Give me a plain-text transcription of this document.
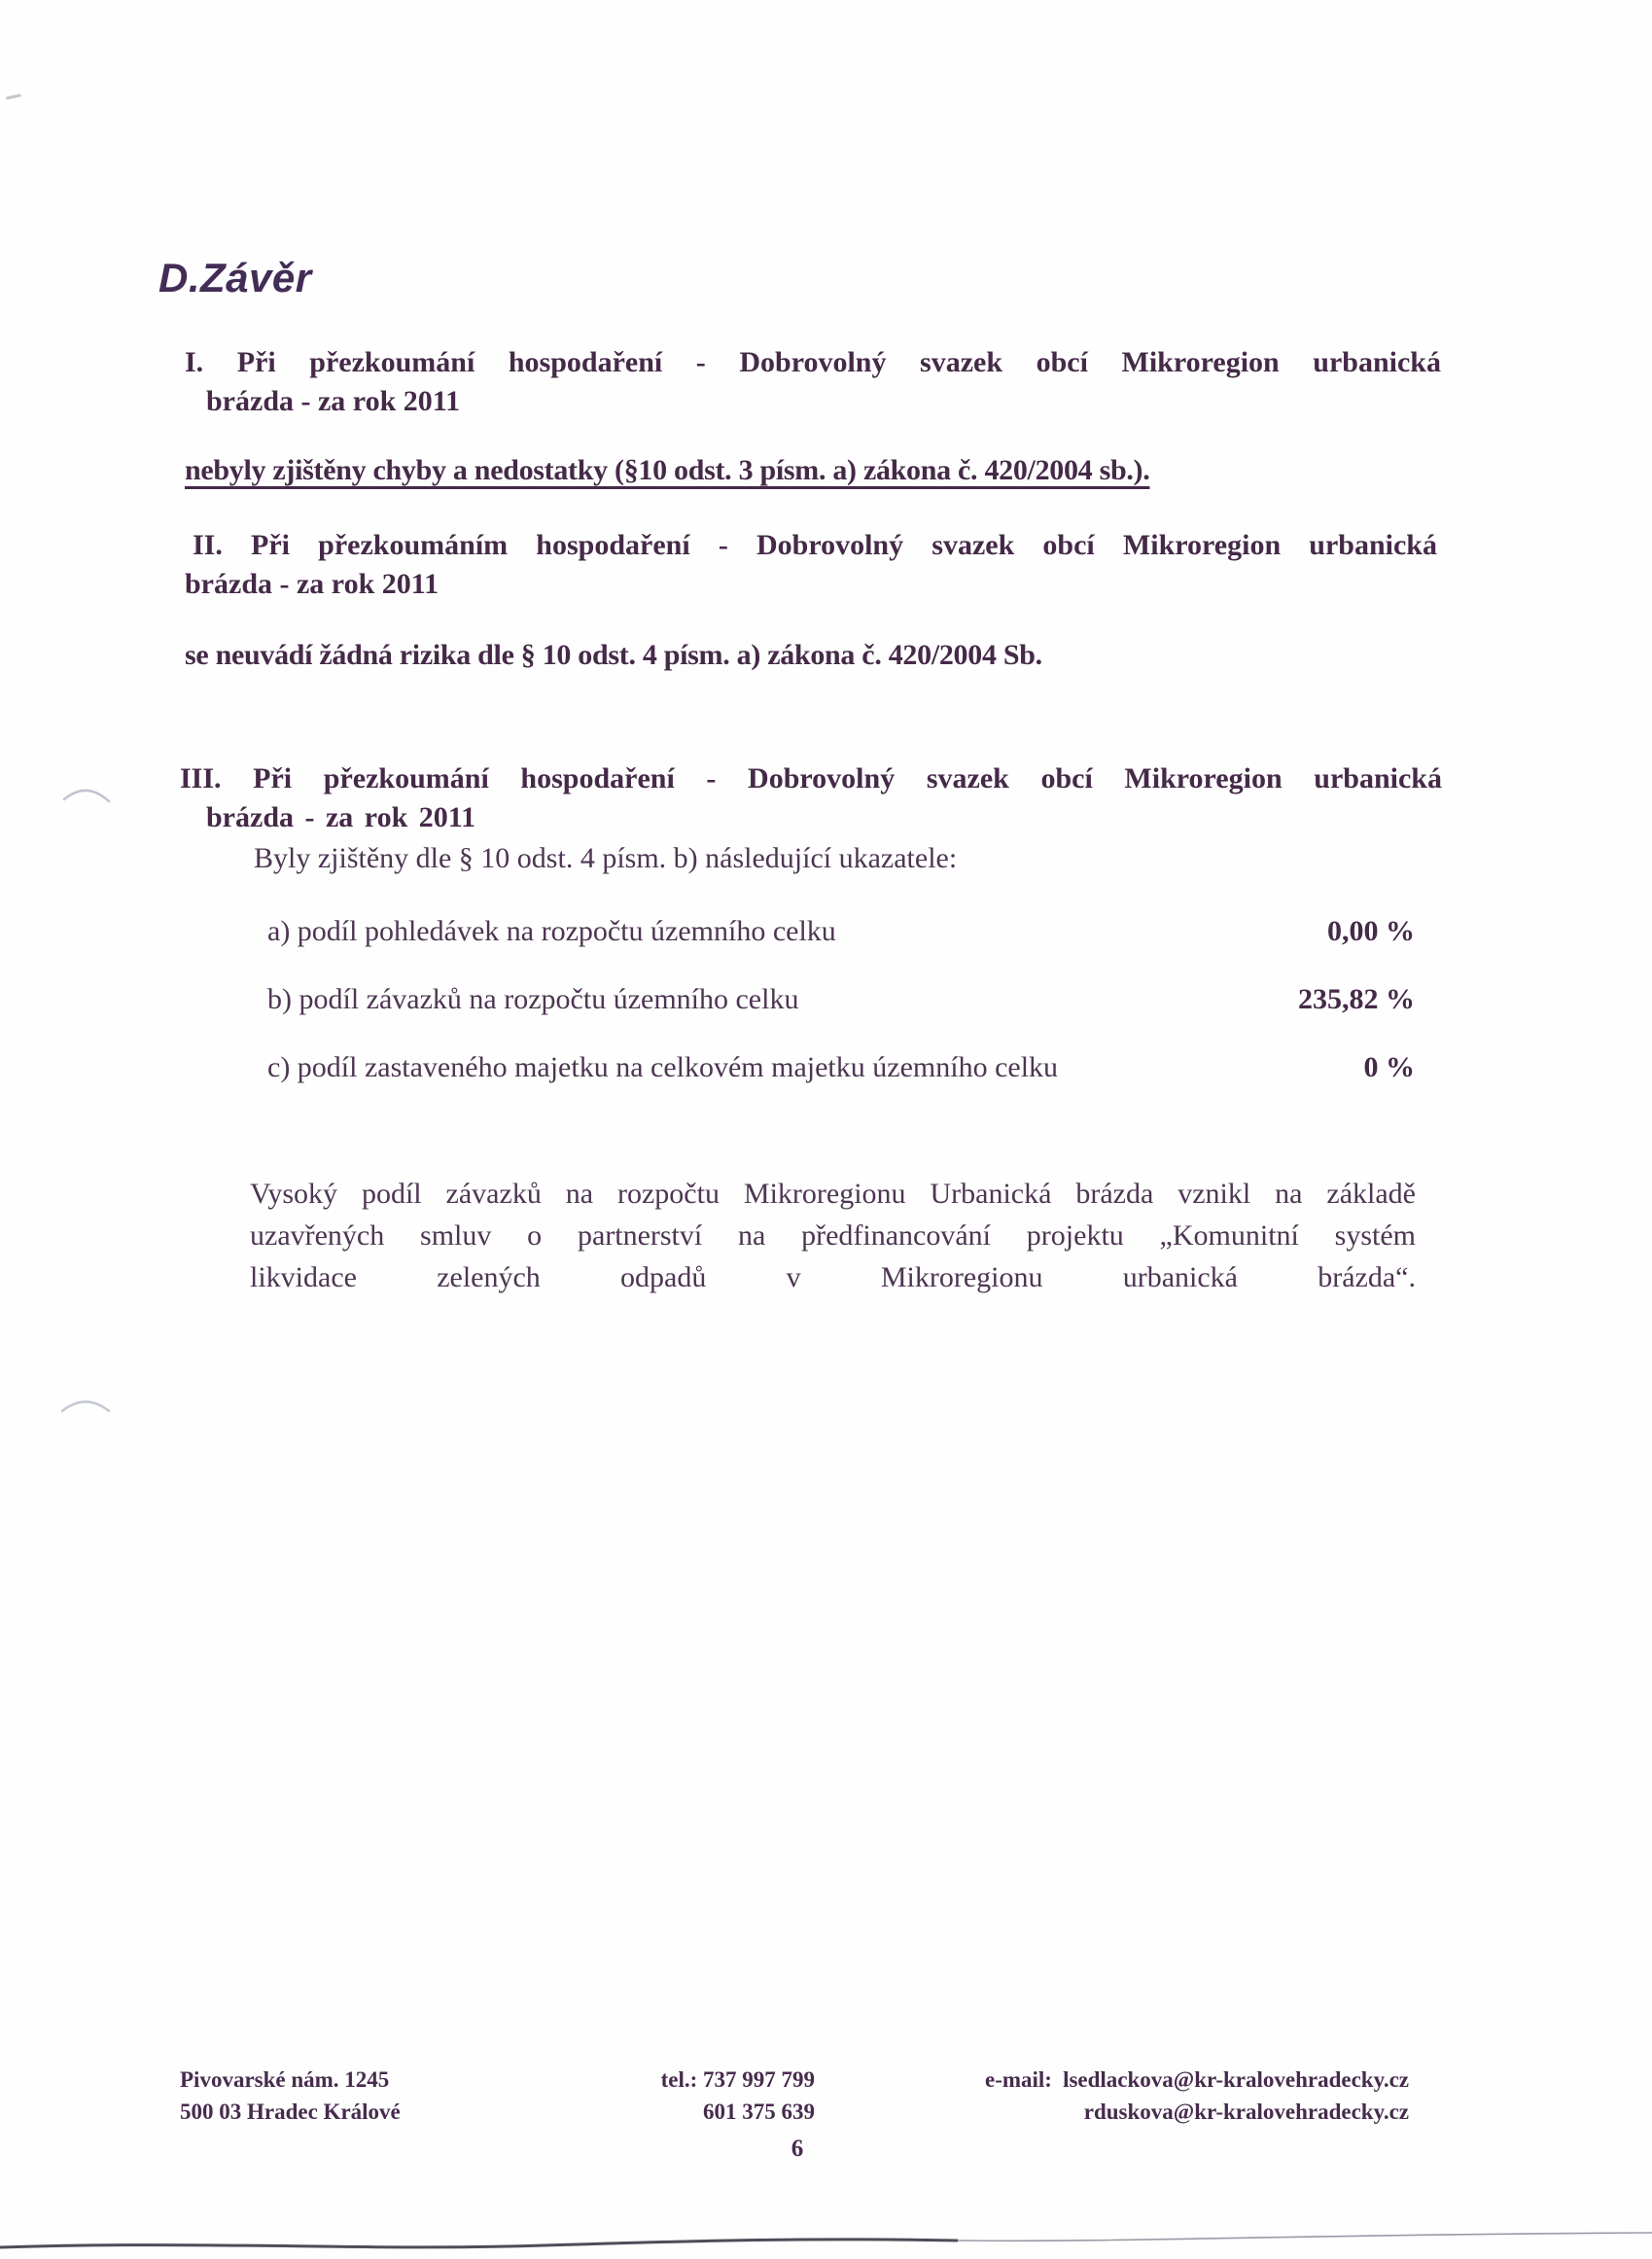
D.Závěr
I. Při přezkoumání hospodaření - Dobrovolný svazek obcí Mikroregion urbanická
brázda - za rok 2011
nebyly zjištěny chyby a nedostatky (§10 odst. 3 písm. a) zákona č. 420/2004 sb.).
II. Při přezkoumáním hospodaření - Dobrovolný svazek obcí Mikroregion urbanická
brázda - za rok 2011
se neuvádí žádná rizika dle § 10 odst. 4 písm. a) zákona č. 420/2004 Sb.
III. Při přezkoumání hospodaření - Dobrovolný svazek obcí Mikroregion urbanická
brázda - za rok 2011
Byly zjištěny dle § 10 odst. 4 písm. b) následující ukazatele:
a) podíl pohledávek na rozpočtu územního celku	0,00 %
b) podíl závazků na rozpočtu územního celku	235,82 %
c) podíl zastaveného majetku na celkovém majetku územního celku	0 %
Vysoký podíl závazků na rozpočtu Mikroregionu Urbanická brázda vznikl na základě
uzavřených smluv o partnerství na předfinancování projektu „Komunitní systém
likvidace zelených odpadů v Mikroregionu urbanická brázda“.
Pivovarské nám. 1245
500 03 Hradec Králové
tel.: 737 997 799
601 375 639
e-mail: lsedlackova@kr-kralovehradecky.cz
rduskova@kr-kralovehradecky.cz
6
